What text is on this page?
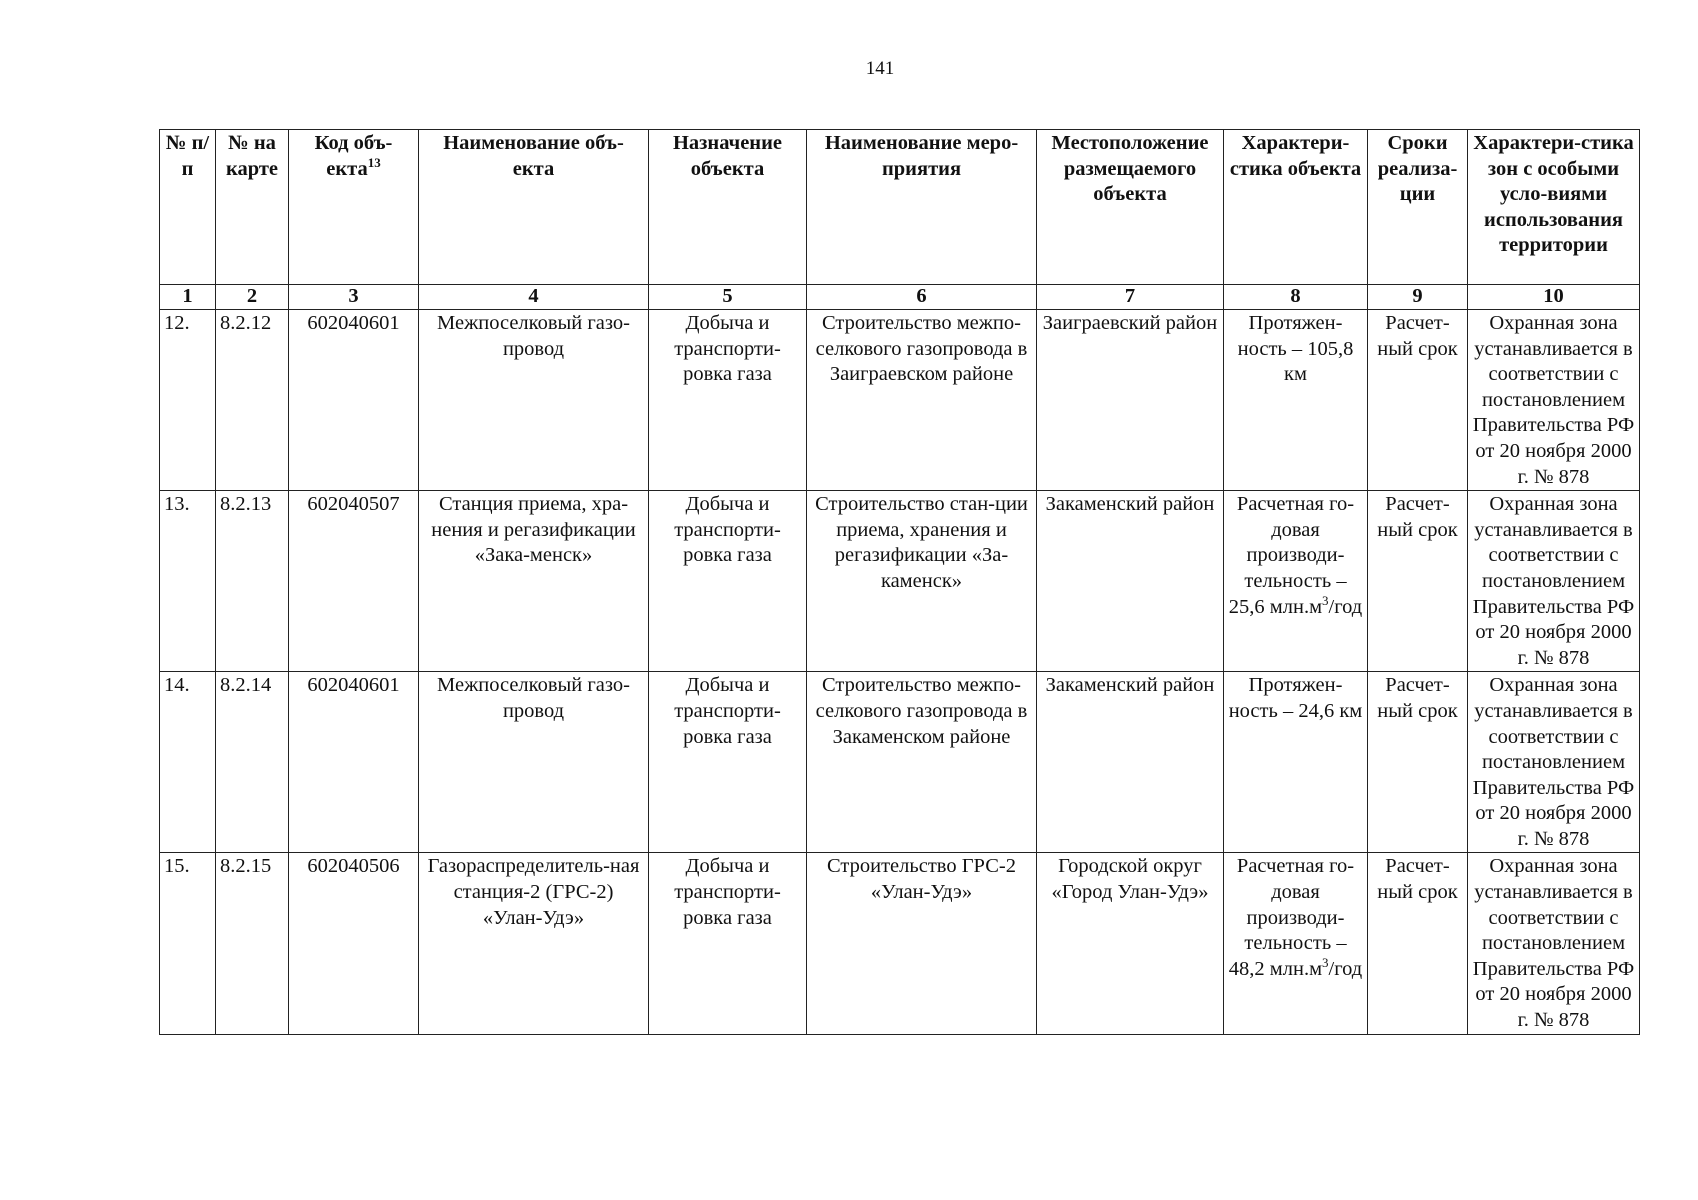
141
№ п/п	№ на карте	Код объ-екта$^{13}$	Наименование объ-екта	Назначение объекта	Наименование меро-приятия	Местоположение размещаемого объекта	Характери-стика объекта	Сроки реализа-ции	Характери-стика зон с особыми усло-виями использования территории
1	2	3	4	5	6	7	8	9	10
12.	8.2.12	602040601	Межпоселковый газо-провод	Добыча и транспорти-ровка газа	Строительство межпо-селкового газопровода в Заиграевском районе	Заиграевский район	Протяжен-ность – 105,8 км	Расчет-ный срок	Охранная зона устанавливается в соответствии с постановлением Правительства РФ от 20 ноября 2000 г. № 878
13.	8.2.13	602040507	Станция приема, хра-нения и регазификации «Зака-менск»	Добыча и транспорти-ровка газа	Строительство стан-ции приема, хранения и регазификации «За-каменск»	Закаменский район	Расчетная го-довая производи-тельность – 25,6 $млн.м^3$/год	Расчет-ный срок	Охранная зона устанавливается в соответствии с постановлением Правительства РФ от 20 ноября 2000 г. № 878
14.	8.2.14	602040601	Межпоселковый газо-провод	Добыча и транспорти-ровка газа	Строительство межпо-селкового газопровода в Закаменском районе	Закаменский район	Протяжен-ность – 24,6 км	Расчет-ный срок	Охранная зона устанавливается в соответствии с постановлением Правительства РФ от 20 ноября 2000 г. № 878
15.	8.2.15	602040506	Газораспределитель-ная станция-2 (ГРС-2) «Улан-Удэ»	Добыча и транспорти-ровка газа	Строительство ГРС-2 «Улан-Удэ»	Городской округ «Город Улан-Удэ»	Расчетная го-довая производи-тельность – 48,2 $млн.м^3$/год	Расчет-ный срок	Охранная зона устанавливается в соответствии с постановлением Правительства РФ от 20 ноября 2000 г. № 878
